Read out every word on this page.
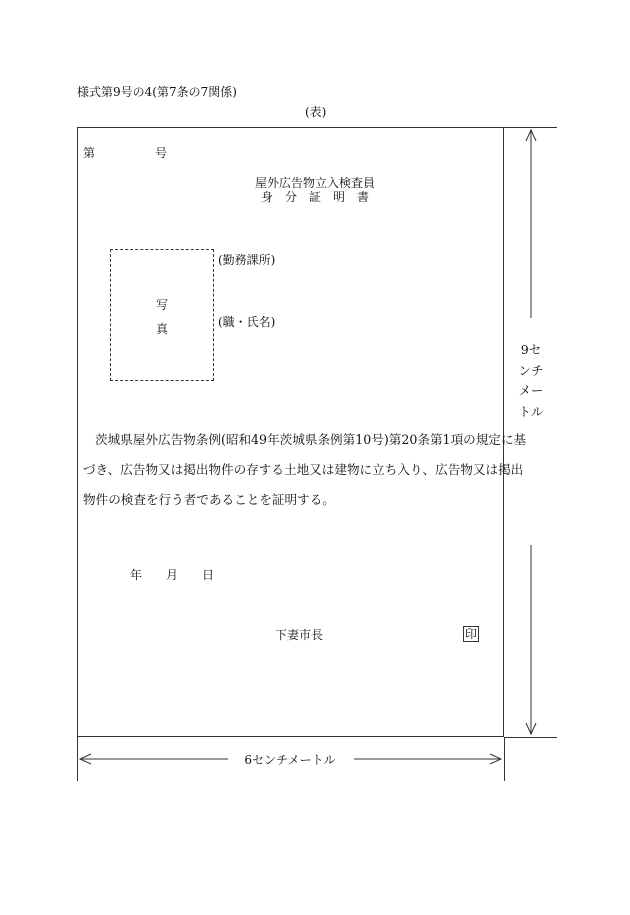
様式第9号の4(第7条の7関係)
(表)
第	号
屋外広告物立入検査員
身　分　証　明　書
写
真
(勤務課所)
(職・氏名)
茨城県屋外広告物条例(昭和49年茨城県条例第10号)第20条第1項の規定に基
づき、広告物又は掲出物件の存する土地又は建物に立ち入り、広告物又は掲出
物件の検査を行う者であることを証明する。
年　　月　　日
下妻市長	印
9センチメートル
6センチメートル
